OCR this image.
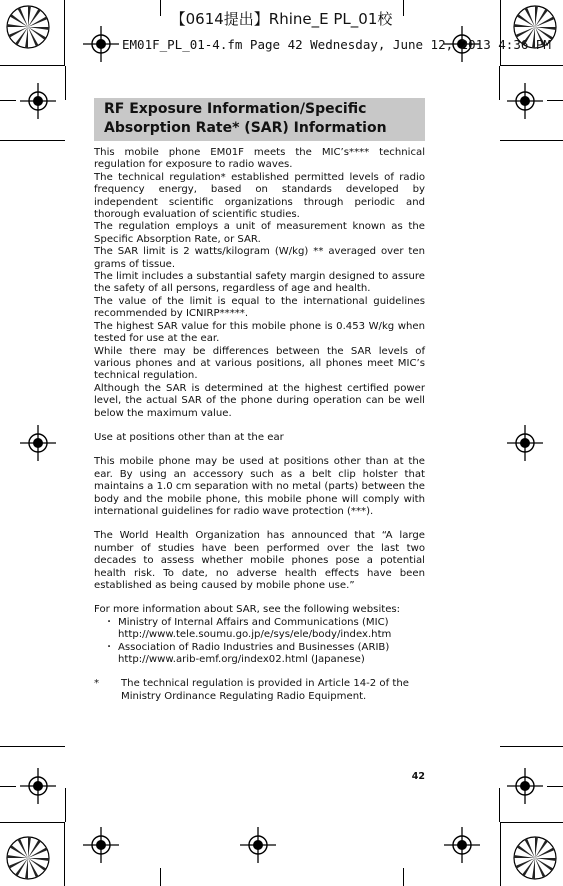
【0614提出】Rhine_E PL_01校
EM01F_PL_01-4.fm Page 42 Wednesday, June 12, 2013 4:36 PM
RF Exposure Information/Specific
Absorption Rate* (SAR) Information

This mobile phone EM01F meets the MIC’s**** technical regulation for exposure to radio waves.

The technical regulation* established permitted levels of radio frequency energy, based on standards developed by independent scientific organizations through periodic and thorough evaluation of scientific studies.

The regulation employs a unit of measurement known as the Specific Absorption Rate, or SAR.

The SAR limit is 2 watts/kilogram (W/kg) ** averaged over ten grams of tissue.

The limit includes a substantial safety margin designed to assure the safety of all persons, regardless of age and health.

The value of the limit is equal to the international guidelines recommended by ICNIRP*****.

The highest SAR value for this mobile phone is 0.453 W/kg when tested for use at the ear.

While there may be differences between the SAR levels of various phones and at various positions, all phones meet MIC’s technical regulation.

Although the SAR is determined at the highest certified power level, the actual SAR of the phone during operation can be well below the maximum value.

Use at positions other than at the ear

This mobile phone may be used at positions other than at the ear. By using an accessory such as a belt clip holster that maintains a 1.0 cm separation with no metal (parts) between the body and the mobile phone, this mobile phone will comply with international guidelines for radio wave protection (***).

The World Health Organization has announced that “A large number of studies have been performed over the last two decades to assess whether mobile phones pose a potential health risk. To date, no adverse health effects have been established as being caused by mobile phone use.”

For more information about SAR, see the following websites:

・ Ministry of Internal Affairs and Communications (MIC)
http://www.tele.soumu.go.jp/e/sys/ele/body/index.htm
・ Association of Radio Industries and Businesses (ARIB)
http://www.arib-emf.org/index02.html (Japanese)
* The technical regulation is provided in Article 14-2 of the Ministry Ordinance Regulating Radio Equipment.
42
